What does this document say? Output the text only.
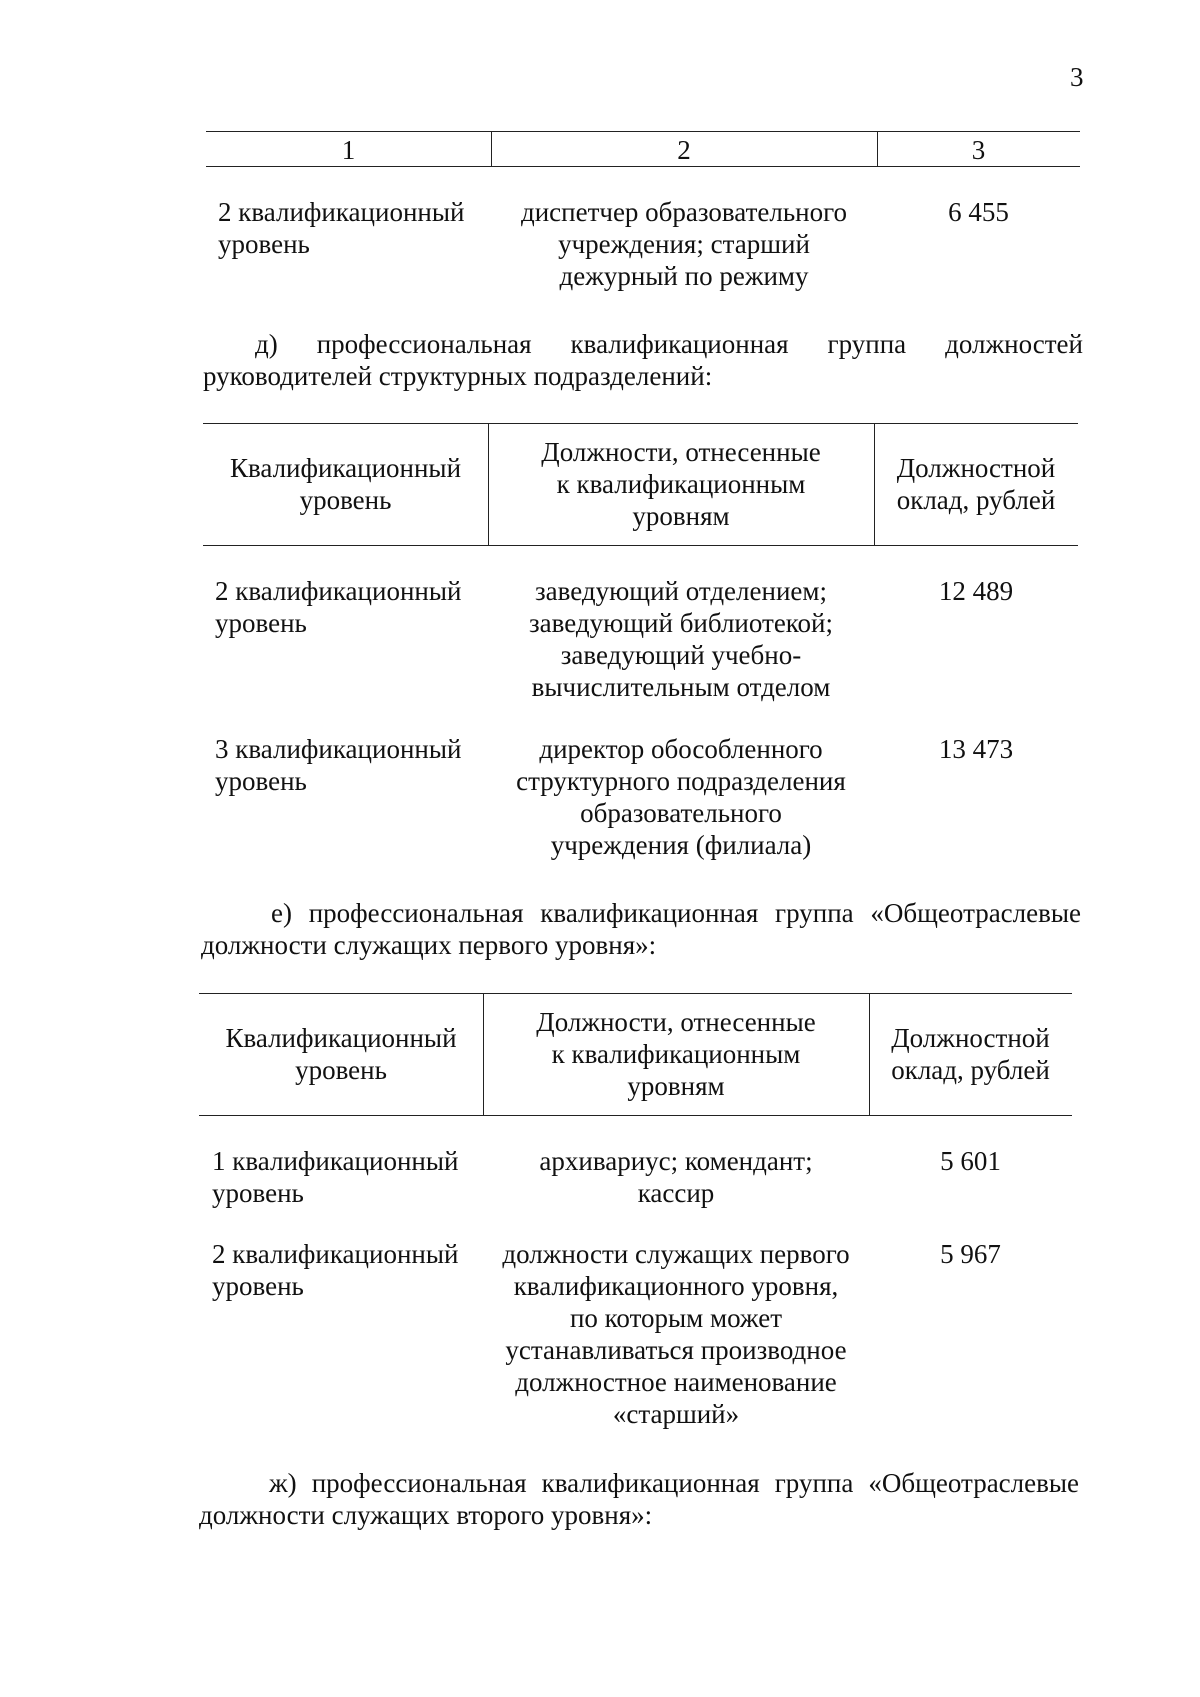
3
1	2	3
2 квалификационный
уровень
диспетчер образовательного
учреждения; старший
дежурный по режиму
6 455
д) профессиональная квалификационная группа должностей
руководителей структурных подразделений:
Квалификационный
уровень
Должности, отнесенные
к квалификационным
уровням
Должностной
оклад, рублей
2 квалификационный
уровень
заведующий отделением;
заведующий библиотекой;
заведующий учебно-
вычислительным отделом
12 489
3 квалификационный
уровень
директор обособленного
структурного подразделения
образовательного
учреждения (филиала)
13 473
е) профессиональная квалификационная группа «Общеотраслевые
должности служащих первого уровня»:
Квалификационный
уровень
Должности, отнесенные
к квалификационным
уровням
Должностной
оклад, рублей
1 квалификационный
уровень
архивариус; комендант;
кассир
5 601
2 квалификационный
уровень
должности служащих первого
квалификационного уровня,
по которым может
устанавливаться производное
должностное наименование
«старший»
5 967
ж) профессиональная квалификационная группа «Общеотраслевые
должности служащих второго уровня»:
